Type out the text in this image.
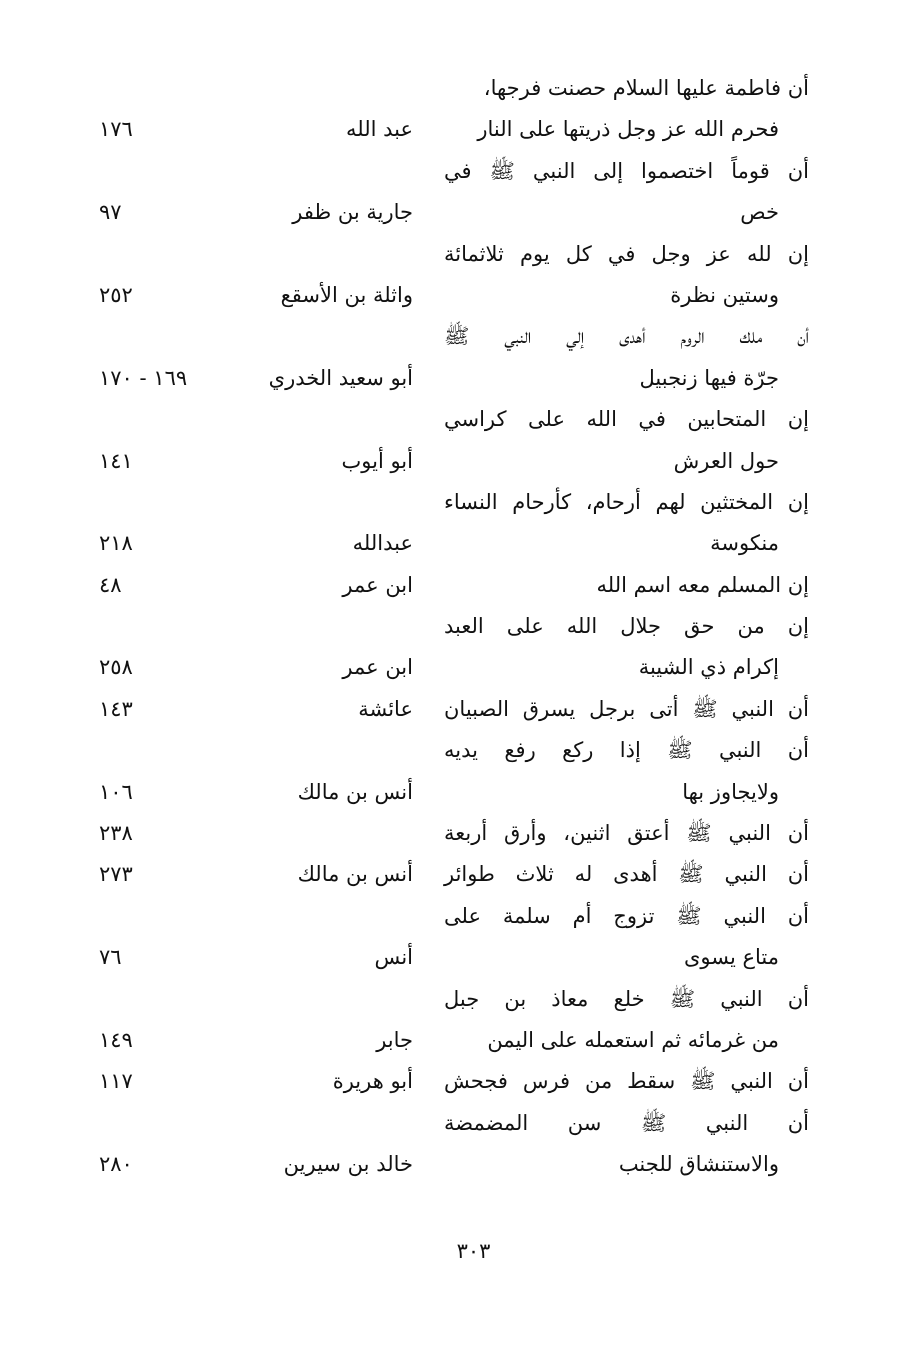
أن فاطمة عليها السلام حصنت فرجها،
فحرم الله عز وجل ذريتها على النار
عبد الله
١٧٦
أن قوماً اختصموا إلى النبي ﷺ في
خص
جارية بن ظفر
٩٧
إن لله عز وجل في كل يوم ثلاثمائة
وستين نظرة
واثلة بن الأسقع
٢٥٢
أن ملك الروم أهدى إلي النبي ﷺ
جرّة فيها زنجبيل
أبو سعيد الخدري
١٦٩ - ١٧٠
إن المتحابين في الله على كراسي
حول العرش
أبو أيوب
١٤١
إن المختثين لهم أرحام، كأرحام النساء
منكوسة
عبدالله
٢١٨
إن المسلم معه اسم الله
ابن عمر
٤٨
إن من حق جلال الله على العبد
إكرام ذي الشيبة
ابن عمر
٢٥٨
أن النبي ﷺ أتى برجل يسرق الصبيان
عائشة
١٤٣
أن النبي ﷺ إذا ركع رفع يديه
ولايجاوز بها
أنس بن مالك
١٠٦
أن النبي ﷺ أعتق اثنين، وأرق أربعة
٢٣٨
أن النبي ﷺ أهدى له ثلاث طوائر
أنس بن مالك
٢٧٣
أن النبي ﷺ تزوج أم سلمة على
متاع يسوى
أنس
٧٦
أن النبي ﷺ خلع معاذ بن جبل
من غرمائه ثم استعمله على اليمن
جابر
١٤٩
أن النبي ﷺ سقط من فرس فجحش
أبو هريرة
١١٧
أن النبي ﷺ سن المضمضة
والاستنشاق للجنب
خالد بن سيرين
٢٨٠
٣٠٣
